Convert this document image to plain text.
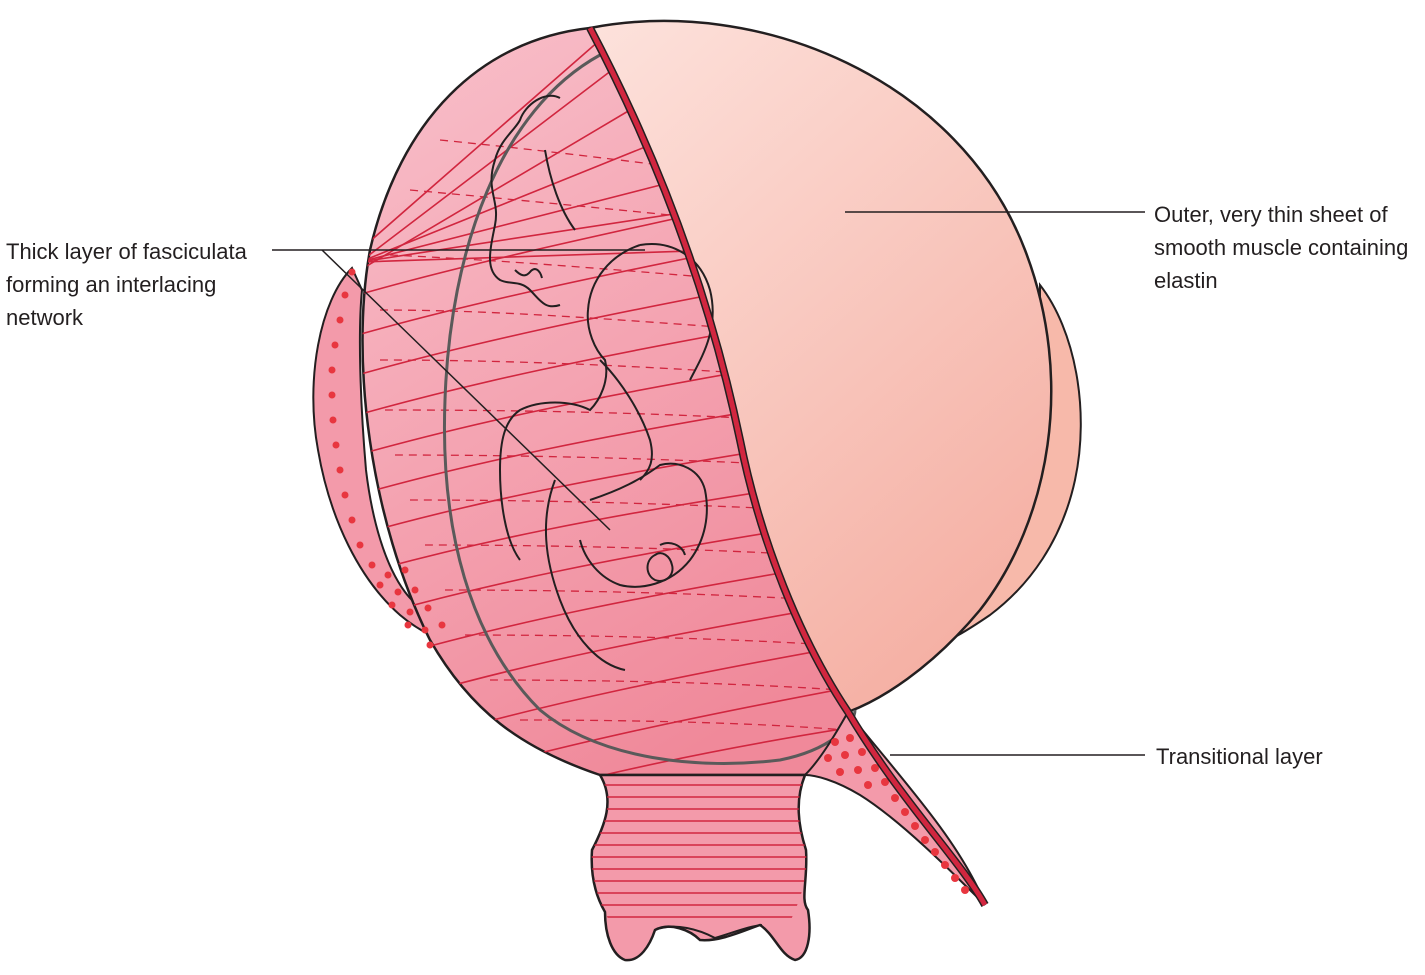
Thick layer of fasciculata
forming an interlacing
network
Outer, very thin sheet of
smooth muscle containing
elastin
Transitional layer
